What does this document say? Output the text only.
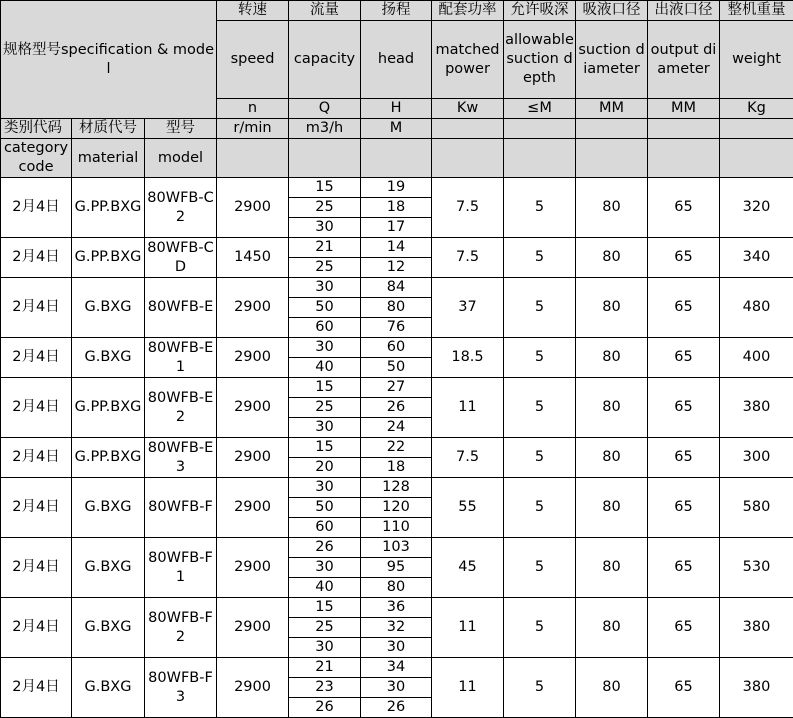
规格型号specification & model			转速	流量	扬程	配套功率	允许吸深	吸液口径	出液口径	整机重量
			speed	capacity	head	matched power	allowable suction depth	suction diameter	output diameter	weight
			n	Q	H	Kw	≤M	MM	MM	Kg
类别代码	材质代号	型号	r/min	m3/h	M					
category code	material	model								
2月4日	G.PP.BXG	80WFB-C2	2900	15	19	7.5	5	80	65	320
				25	18					
				30	17					
2月4日	G.PP.BXG	80WFB-CD	1450	21	14	7.5	5	80	65	340
				25	12					
2月4日	G.BXG	80WFB-E	2900	30	84	37	5	80	65	480
				50	80					
				60	76					
2月4日	G.BXG	80WFB-E1	2900	30	60	18.5	5	80	65	400
				40	50					
2月4日	G.PP.BXG	80WFB-E2	2900	15	27	11	5	80	65	380
				25	26					
				30	24					
2月4日	G.PP.BXG	80WFB-E3	2900	15	22	7.5	5	80	65	300
				20	18					
2月4日	G.BXG	80WFB-F	2900	30	128	55	5	80	65	580
				50	120					
				60	110					
2月4日	G.BXG	80WFB-F1	2900	26	103	45	5	80	65	530
				30	95					
				40	80					
2月4日	G.BXG	80WFB-F2	2900	15	36	11	5	80	65	380
				25	32					
				30	30					
2月4日	G.BXG	80WFB-F3	2900	21	34	11	5	80	65	380
				23	30					
				26	26					
